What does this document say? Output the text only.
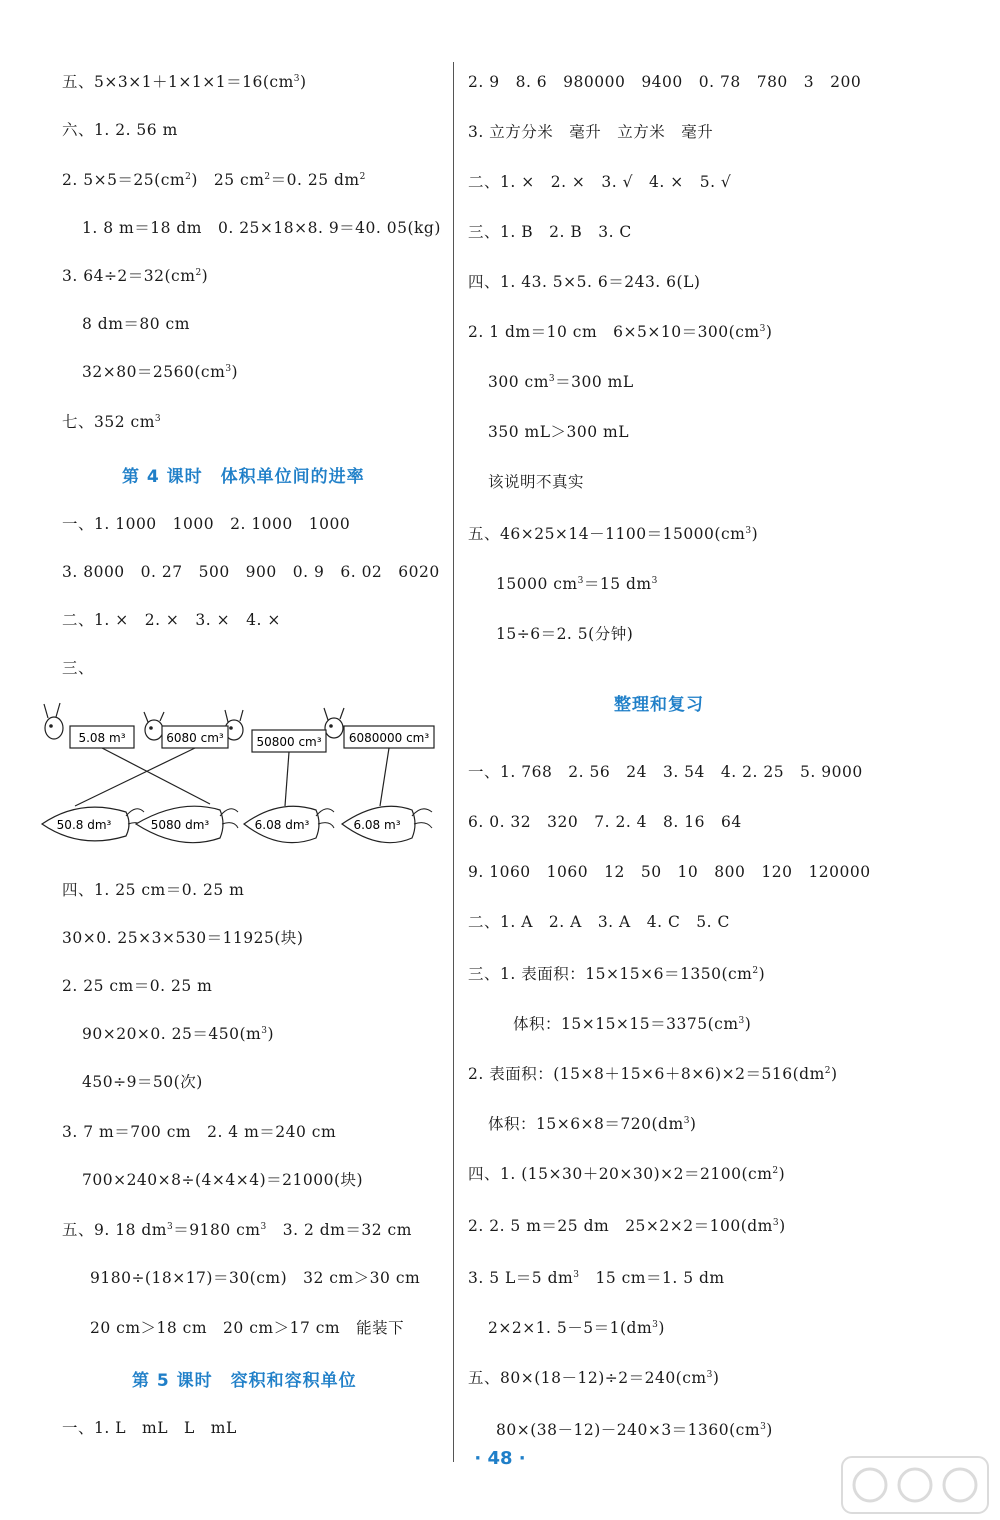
五、$5\times 3\times 1+1\times 1\times 1=16(cm^3)$
六、1. 2. 56 m
2. $5\times 5=25(cm^2)$　25 $cm^2=0$. 25 $dm^2$
1. 8 m＝18 dm　0. 25×18×8. 9＝40. 05(kg)
3. $64\div 2=32(cm^2)$
8 dm＝80 cm
$32\times 80=2560(cm^3)$
七、352 $cm^3$
一、1. 1000　1000　2. 1000　1000
3. 8000　0. 27　500　900　0. 9　6. 02　6020
二、1. ×　2. ×　3. ×　4. ×
三、
四、1. 25 cm＝0. 25 m
30×0. 25×3×530＝11925(块)
2. 25 cm＝0. 25 m
90×20×0. $25=450(m^3)$
450÷9＝50(次)
3. 7 m＝700 cm　2. 4 m＝240 cm
700×240×8÷(4×4×4)＝21000(块)
五、9. 18 $dm^3=9180$ $cm^3$　3. 2 dm＝32 cm
9180÷(18×17)＝30(cm)　32 cm＞30 cm
20 cm＞18 cm　20 cm＞17 cm　能装下
一、1. L　mL　L　mL
第 4 课时　体积单位间的进率
第 5 课时　容积和容积单位
2. 9　8. 6　980000　9400　0. 78　780　3　200
3. 立方分米　毫升　立方米　毫升
二、1. ×　2. ×　3. √　4. ×　5. √
三、1. B　2. B　3. C
四、1. 43. 5×5. 6＝243. 6(L)
2. 1 dm＝10 cm　$6\times 5\times 10=300(cm^3)$
300 $cm^3=300$ mL
350 mL＞300 mL
该说明不真实
五、$46\times 25\times 14-1100=15000(cm^3)$
15000 $cm^3=15$ $dm^3$
15÷6＝2. 5(分钟)
一、1. 768　2. 56　24　3. 54　4. 2. 25　5. 9000
6. 0. 32　320　7. 2. 4　8. 16　64
9. 1060　1060　12　50　10　800　120　120000
二、1. A　2. A　3. A　4. C　5. C
三、1. 表面积：$15\times 15\times 6=1350(cm^2)$
体积：$15\times 15\times 15=3375(cm^3)$
2. 表面积：$(15\times 8+15\times 6+8\times 6)\times 2=516(dm^2)$
体积：$15\times 6\times 8=720(dm^3)$
四、1. $(15\times 30+20\times 30)\times 2=2100(cm^2)$
2. 2. 5 m＝25 dm　$25\times 2\times 2=100(dm^3)$
3. 5 L＝5 $dm^3$　15 cm＝1. 5 dm
2×2×1. $5-5=1(dm^3)$
五、$80\times(18-12)\div 2=240(cm^3)$
$80\times(38-12)-240\times 3=1360(cm^3)$
整理和复习
5.08 m³	6080 cm³	50800 cm³ 6080000 cm³
50.8 dm³	5080 dm³	6.08 dm³	6.08 m³
· 48 ·
